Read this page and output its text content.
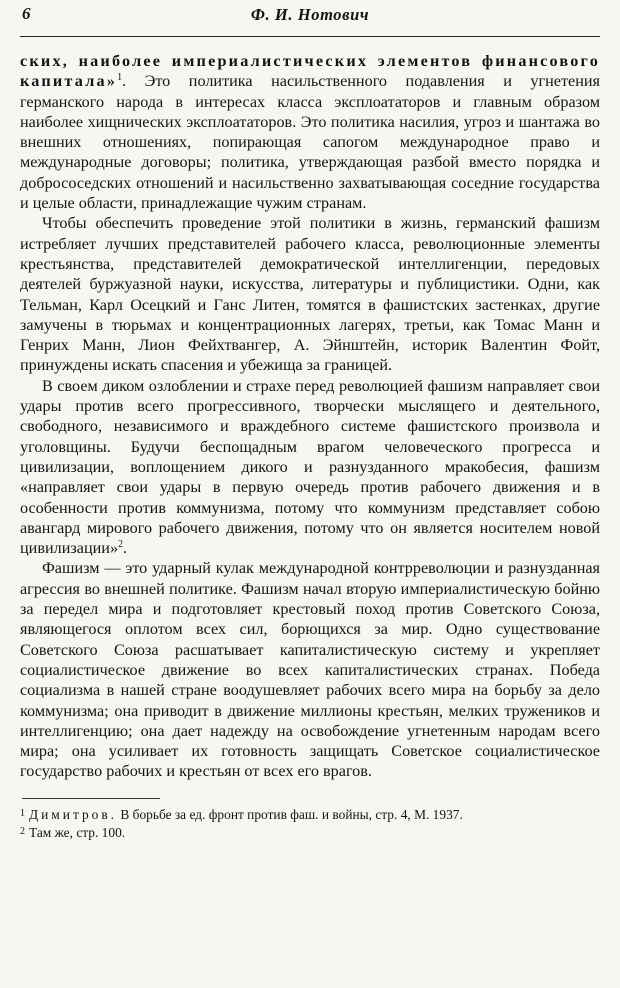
6	Ф. И. Нотович

ских, наиболее империалистических элементов финансового капитала»$^1$. Это политика насильственного подавления и угнетения германского народа в интересах класса эксплоататоров и главным образом наиболее хищнических эксплоататоров. Это политика насилия, угроз и шантажа во внешних отношениях, попирающая сапогом международное право и международные договоры; политика, утверждающая разбой вместо порядка и добрососедских отношений и насильственно захватывающая соседние государства и целые области, принадлежащие чужим странам.

Чтобы обеспечить проведение этой политики в жизнь, германский фашизм истребляет лучших представителей рабочего класса, революционные элементы крестьянства, представителей демократической интеллигенции, передовых деятелей буржуазной науки, искусства, литературы и публицистики. Одни, как Тельман, Карл Осецкий и Ганс Литен, томятся в фашистских застенках, другие замучены в тюрьмах и концентрационных лагерях, третьи, как Томас Манн и Генрих Манн, Лион Фейхтвангер, А. Эйнштейн, историк Валентин Фойт, принуждены искать спасения и убежища за границей.

В своем диком озлоблении и страхе перед революцией фашизм направляет свои удары против всего прогрессивного, творчески мыслящего и деятельного, свободного, независимого и враждебного системе фашистского произвола и уголовщины. Будучи беспощадным врагом человеческого прогресса и цивилизации, воплощением дикого и разнузданного мракобесия, фашизм «направляет свои удары в первую очередь против рабочего движения и в особенности против коммунизма, потому что коммунизм представляет собою авангард мирового рабочего движения, потому что он является носителем новой цивилизации»$^2$.

Фашизм — это ударный кулак международной контрреволюции и разнузданная агрессия во внешней политике. Фашизм начал вторую империалистическую бойню за передел мира и подготовляет крестовый поход против Советского Союза, являющегося оплотом всех сил, борющихся за мир. Одно существование Советского Союза расшатывает капиталистическую систему и укрепляет социалистическое движение во всех капиталистических странах. Победа социализма в нашей стране воодушевляет рабочих всего мира на борьбу за дело коммунизма; она приводит в движение миллионы крестьян, мелких тружеников и интеллигенцию; она дает надежду на освобождение угнетенным народам всего мира; она усиливает их готовность защищать Советское социалистическое государство рабочих и крестьян от всех его врагов.

$^1$ Димитров. В борьбе за ед. фронт против фаш. и войны, стр. 4, М. 1937.

$^2$ Там же, стр. 100.
